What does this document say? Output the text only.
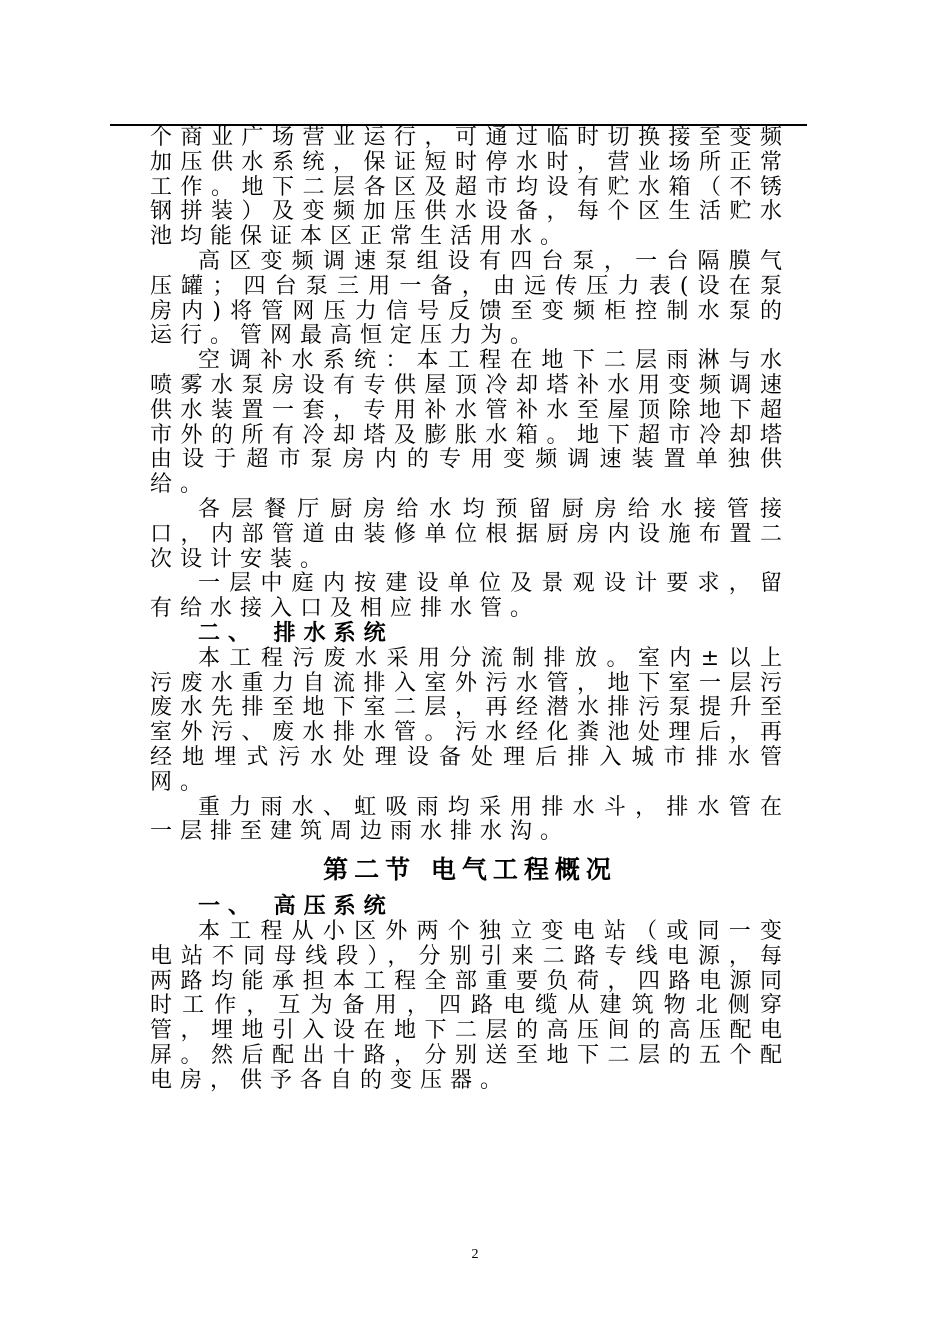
个商业广场营业运行，可通过临时切换接至变频加压供水系统，保证短时停水时，营业场所正常工作。地下二层各区及超市均设有贮水箱（不锈钢拼装）及变频加压供水设备，每个区生活贮水池均能保证本区正常生活用水。

高区变频调速泵组设有四台泵，一台隔膜气压罐；四台泵三用一备，由远传压力表(设在泵房内)将管网压力信号反馈至变频柜控制水泵的运行。管网最高恒定压力为。

空调补水系统：本工程在地下二层雨淋与水喷雾水泵房设有专供屋顶冷却塔补水用变频调速供水装置一套，专用补水管补水至屋顶除地下超市外的所有冷却塔及膨胀水箱。地下超市冷却塔由设于超市泵房内的专用变频调速装置单独供给。

各层餐厅厨房给水均预留厨房给水接管接口，内部管道由装修单位根据厨房内设施布置二次设计安装。

一层中庭内按建设单位及景观设计要求，留有给水接入口及相应排水管。

二、 排水系统

本工程污废水采用分流制排放。室内±以上污废水重力自流排入室外污水管，地下室一层污废水先排至地下室二层，再经潜水排污泵提升至室外污、废水排水管。污水经化粪池处理后，再经地埋式污水处理设备处理后排入城市排水管网。

重力雨水、虹吸雨均采用排水斗，排水管在一层排至建筑周边雨水排水沟。

第二节 电气工程概况

一、 高压系统

本工程从小区外两个独立变电站（或同一变电站不同母线段），分别引来二路专线电源，每两路均能承担本工程全部重要负荷，四路电源同时工作，互为备用，四路电缆从建筑物北侧穿管，埋地引入设在地下二层的高压间的高压配电屏。然后配出十路，分别送至地下二层的五个配电房，供予各自的变压器。

2
